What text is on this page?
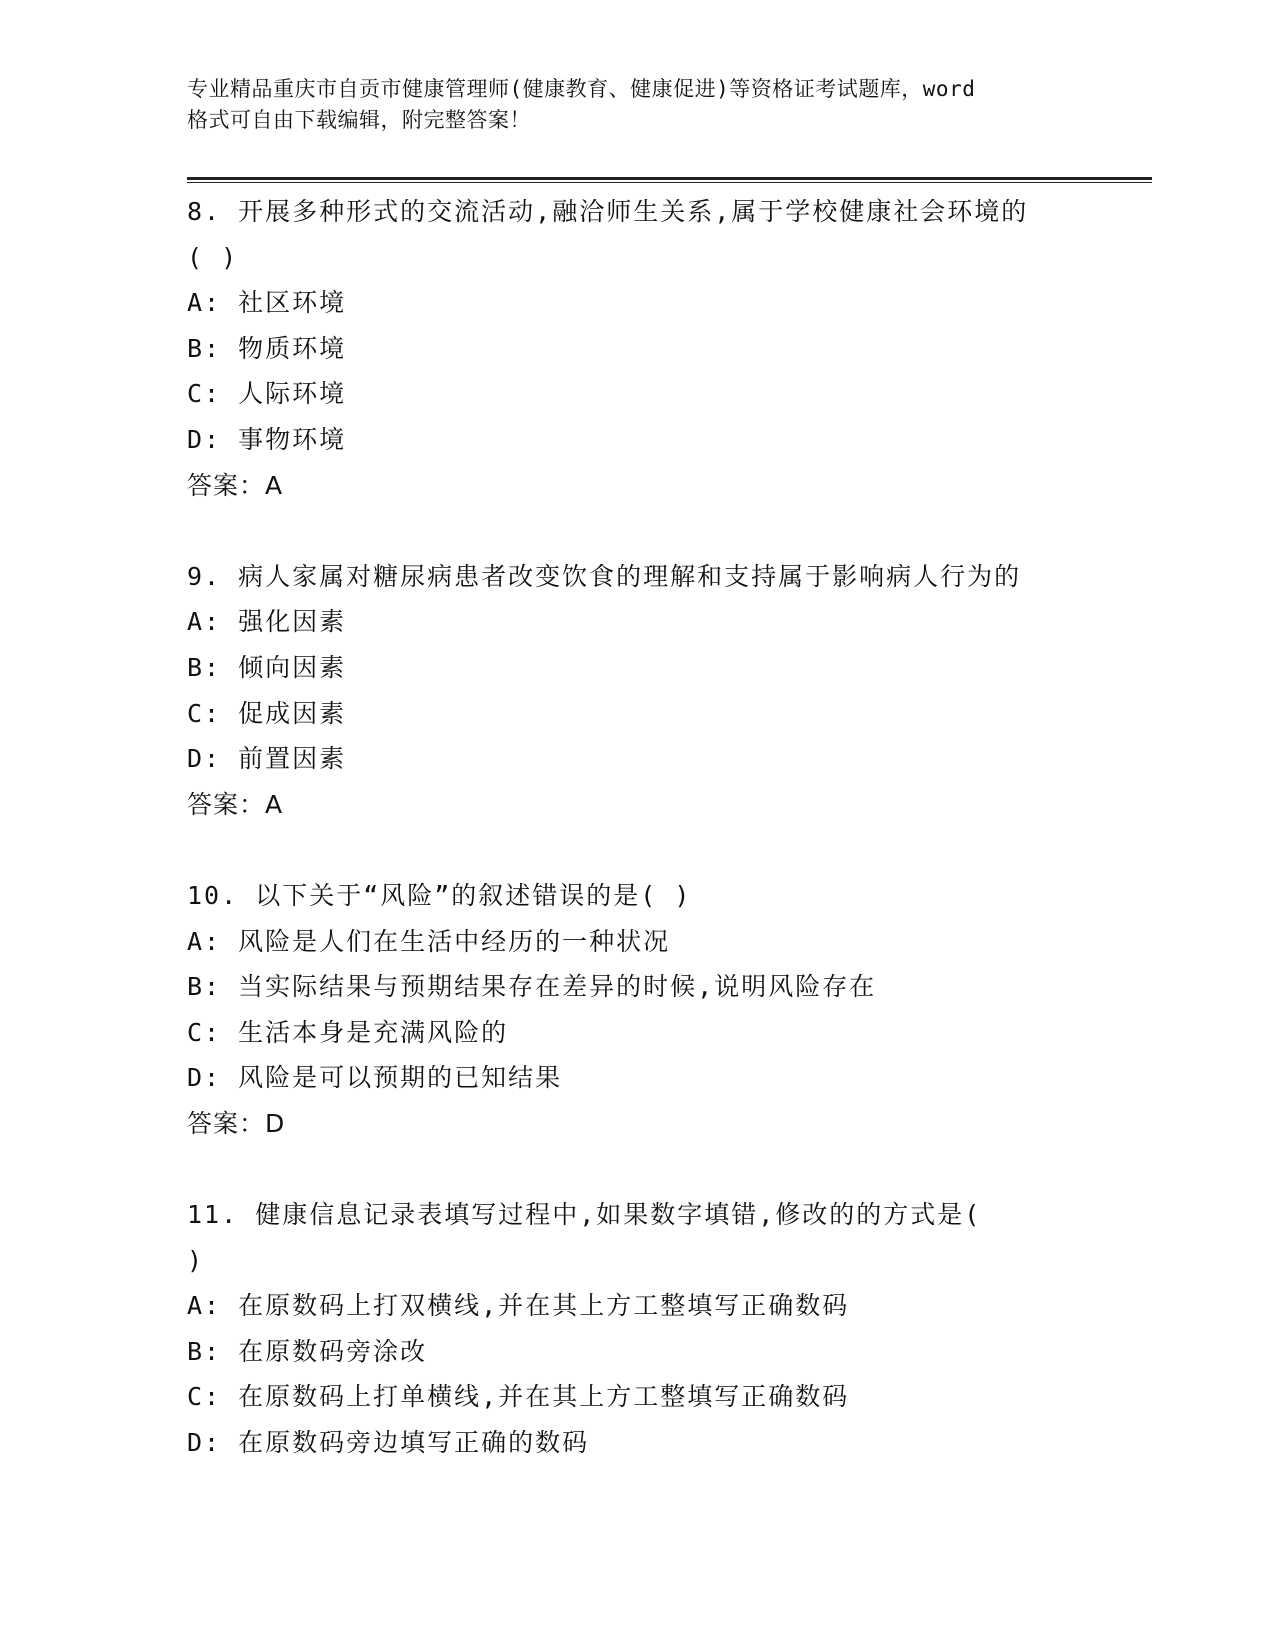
专业精品重庆市自贡市健康管理师(健康教育、健康促进)等资格证考试题库，word
格式可自由下载编辑，附完整答案！
8. 开展多种形式的交流活动,融洽师生关系,属于学校健康社会环境的
( )
A: 社区环境
B: 物质环境
C: 人际环境
D: 事物环境
答案：A
9. 病人家属对糖尿病患者改变饮食的理解和支持属于影响病人行为的
A: 强化因素
B: 倾向因素
C: 促成因素
D: 前置因素
答案：A
10. 以下关于“风险”的叙述错误的是( )
A: 风险是人们在生活中经历的一种状况
B: 当实际结果与预期结果存在差异的时候,说明风险存在
C: 生活本身是充满风险的
D: 风险是可以预期的已知结果
答案：D
11. 健康信息记录表填写过程中,如果数字填错,修改的的方式是(
)
A: 在原数码上打双横线,并在其上方工整填写正确数码
B: 在原数码旁涂改
C: 在原数码上打单横线,并在其上方工整填写正确数码
D: 在原数码旁边填写正确的数码
